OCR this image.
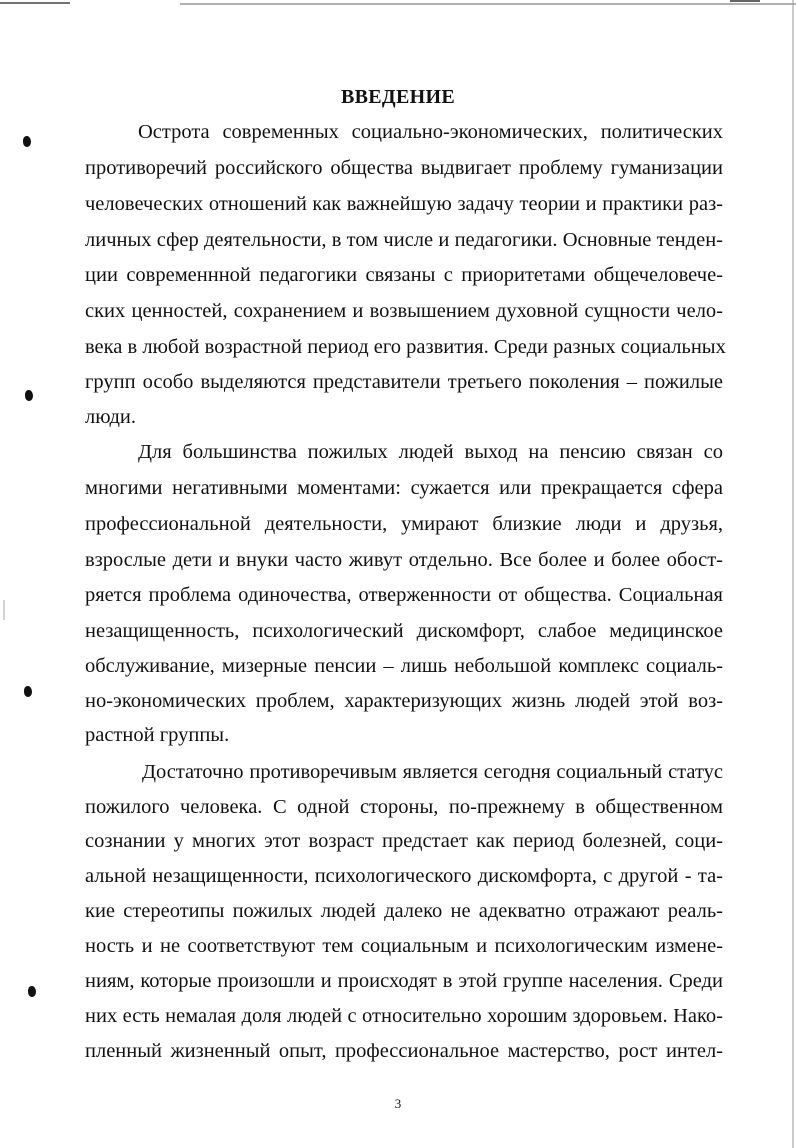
ВВЕДЕНИЕ
Острота современных социально-экономических, политических
противоречий российского общества выдвигает проблему гуманизации
человеческих отношений как важнейшую задачу теории и практики раз-
личных сфер деятельности, в том числе и педагогики. Основные тенден-
ции современнной педагогики связаны с приоритетами общечеловече-
ских ценностей, сохранением и возвышением духовной сущности чело-
века в любой возрастной период его развития. Среди разных социальных
групп особо выделяются представители третьего поколения – пожилые
люди.
Для большинства пожилых людей выход на пенсию связан со
многими негативными моментами: сужается или прекращается сфера
профессиональной деятельности, умирают близкие люди и друзья,
взрослые дети и внуки часто живут отдельно. Все более и более обост-
ряется проблема одиночества, отверженности от общества. Социальная
незащищенность, психологический дискомфорт, слабое медицинское
обслуживание, мизерные пенсии – лишь небольшой комплекс социаль-
но-экономических проблем, характеризующих жизнь людей этой воз-
растной группы.
Достаточно противоречивым является сегодня социальный статус
пожилого человека. С одной стороны, по-прежнему в общественном
сознании у многих этот возраст предстает как период болезней, соци-
альной незащищенности, психологического дискомфорта, с другой - та-
кие стереотипы пожилых людей далеко не адекватно отражают реаль-
ность и не соответствуют тем социальным и психологическим измене-
ниям, которые произошли и происходят в этой группе населения. Среди
них есть немалая доля людей с относительно хорошим здоровьем. Нако-
пленный жизненный опыт, профессиональное мастерство, рост интел-
3
